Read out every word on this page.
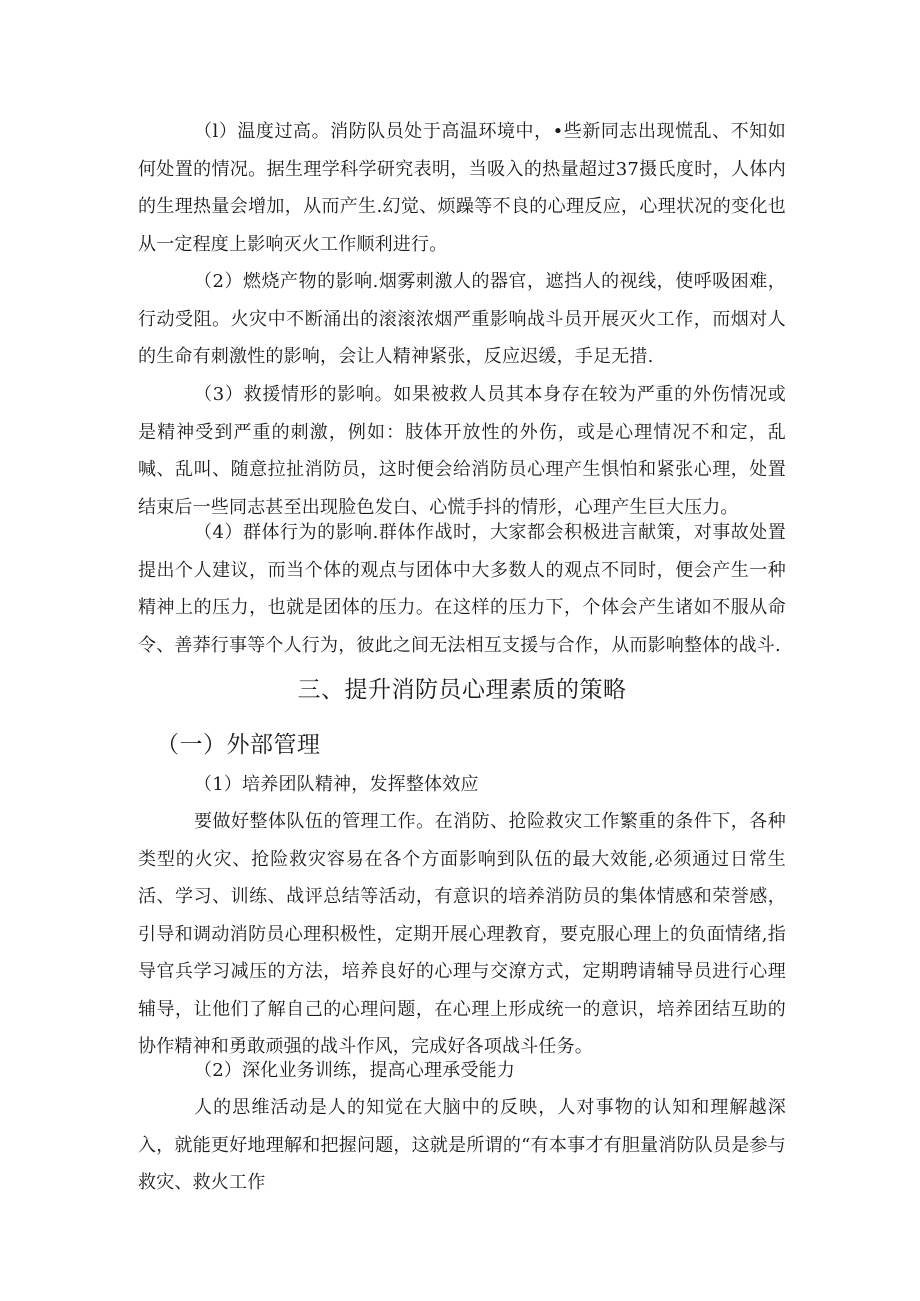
（l）温度过高。消防队员处于高温环境中，•些新同志出现慌乱、不知如何处置的情况。据生理学科学研究表明，当吸入的热量超过37摄氏度时，人体内的生理热量会增加，从而产生.幻觉、烦躁等不良的心理反应，心理状况的变化也从一定程度上影响灭火工作顺利进行。

（2）燃烧产物的影响.烟雾刺激人的器官，遮挡人的视线，使呼吸困难，行动受阻。火灾中不断涌出的滚滚浓烟严重影响战斗员开展灭火工作，而烟对人的生命有刺激性的影响，会让人精神紧张，反应迟缓，手足无措.

（3）救援情形的影响。如果被救人员其本身存在较为严重的外伤情况或是精神受到严重的刺激，例如：肢体开放性的外伤，或是心理情况不和定，乱喊、乱叫、随意拉扯消防员，这时便会给消防员心理产生惧怕和紧张心理，处置结束后一些同志甚至出现脸色发白、心慌手抖的情形，心理产生巨大压力。

（4）群体行为的影响.群体作战时，大家都会积极进言献策，对事故处置提出个人建议，而当个体的观点与团体中大多数人的观点不同时，便会产生一种精神上的压力，也就是团体的压力。在这样的压力下，个体会产生诸如不服从命令、善莽行事等个人行为，彼此之间无法相互支援与合作，从而影响整体的战斗.

三、提升消防员心理素质的策略
（一）外部管理

（1）培养团队精神，发挥整体效应

要做好整体队伍的管理工作。在消防、抢险救灾工作繁重的条件下，各种类型的火灾、抢险救灾容易在各个方面影响到队伍的最大效能,必须通过日常生活、学习、训练、战评总结等活动，有意识的培养消防员的集体情感和荣誉感，引导和调动消防员心理积极性，定期开展心理教育，要克服心理上的负面情绪,指导官兵学习减压的方法，培养良好的心理与交潦方式，定期聘请辅导员进行心理辅导，让他们了解自己的心理问题，在心理上形成统一的意识，培养团结互助的协作精神和勇敢顽强的战斗作风，完成好各项战斗任务。

（2）深化业务训练，提高心理承受能力

人的思维活动是人的知觉在大脑中的反映，人对事物的认知和理解越深入，就能更好地理解和把握问题，这就是所谓的“有本事才有胆量消防队员是参与救灾、救火工作
